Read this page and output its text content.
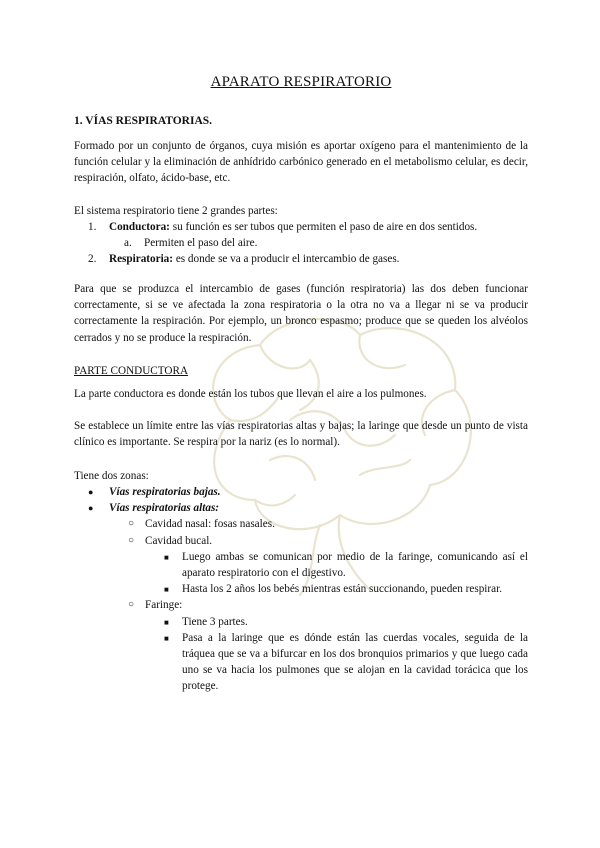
APARATO RESPIRATORIO
1. VÍAS RESPIRATORIAS.

Formado por un conjunto de órganos, cuya misión es aportar oxígeno para el mantenimiento de la función celular y la eliminación de anhídrido carbónico generado en el metabolismo celular, es decir, respiración, olfato, ácido-base, etc.

El sistema respiratorio tiene 2 grandes partes:

1. Conductora: su función es ser tubos que permiten el paso de aire en dos sentidos.
a. Permiten el paso del aire.
2. Respiratoria: es donde se va a producir el intercambio de gases.

Para que se produzca el intercambio de gases (función respiratoria) las dos deben funcionar correctamente, si se ve afectada la zona respiratoria o la otra no va a llegar ni se va producir correctamente la respiración. Por ejemplo, un bronco espasmo; produce que se queden los alvéolos cerrados y no se produce la respiración.

PARTE CONDUCTORA

La parte conductora es donde están los tubos que llevan el aire a los pulmones.

Se establece un límite entre las vías respiratorias altas y bajas; la laringe que desde un punto de vista clínico es importante. Se respira por la nariz (es lo normal).

Tiene dos zonas:

● Vías respiratorias bajas.
● Vías respiratorias altas:
○ Cavidad nasal: fosas nasales.
○ Cavidad bucal.
■ Luego ambas se comunican por medio de la faringe, comunicando así el aparato respiratorio con el digestivo.
■ Hasta los 2 años los bebés mientras están succionando, pueden respirar.
○ Faringe:
■ Tiene 3 partes.
■ Pasa a la laringe que es dónde están las cuerdas vocales, seguida de la tráquea que se va a bifurcar en los dos bronquios primarios y que luego cada uno se va hacia los pulmones que se alojan en la cavidad torácica que los protege.
